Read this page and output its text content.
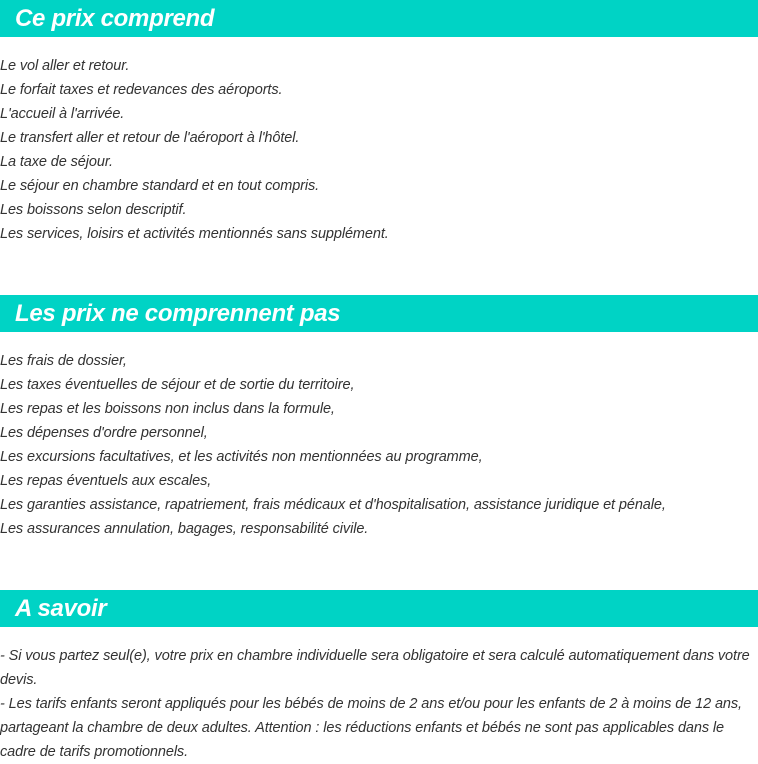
Ce prix comprend
Le vol aller et retour.
Le forfait taxes et redevances des aéroports.
L'accueil à l'arrivée.
Le transfert aller et retour de l'aéroport à l'hôtel.
La taxe de séjour.
Le séjour en chambre standard et en tout compris.
Les boissons selon descriptif.
Les services, loisirs et activités mentionnés sans supplément.
Les prix ne comprennent pas
Les frais de dossier,
Les taxes éventuelles de séjour et de sortie du territoire,
Les repas et les boissons non inclus dans la formule,
Les dépenses d'ordre personnel,
Les excursions facultatives, et les activités non mentionnées au programme,
Les repas éventuels aux escales,
Les garanties assistance, rapatriement, frais médicaux et d'hospitalisation, assistance juridique et pénale,
Les assurances annulation, bagages, responsabilité civile.
A savoir
- Si vous partez seul(e), votre prix en chambre individuelle sera obligatoire et sera calculé automatiquement dans votre devis.
- Les tarifs enfants seront appliqués pour les bébés de moins de 2 ans et/ou pour les enfants de 2 à moins de 12 ans, partageant la chambre de deux adultes. Attention : les réductions enfants et bébés ne sont pas applicables dans le cadre de tarifs promotionnels.
